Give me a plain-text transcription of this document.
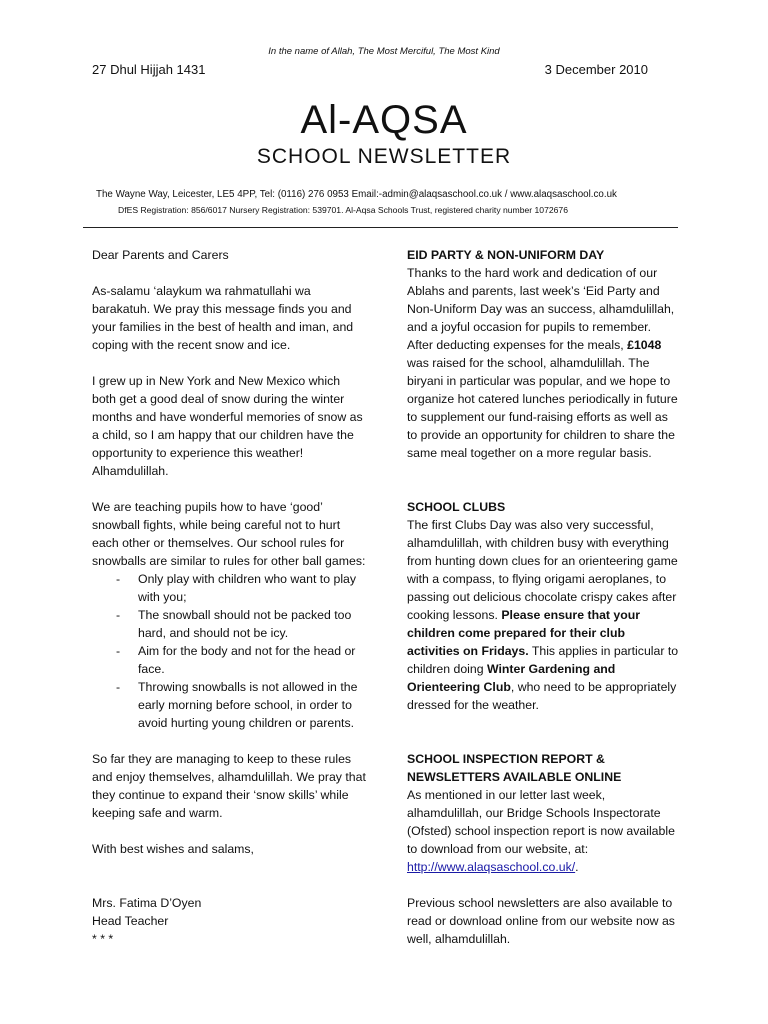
In the name of Allah, The Most Merciful, The Most Kind
27 Dhul Hijjah 1431	3 December 2010
Al-AQSA
SCHOOL NEWSLETTER
The Wayne Way, Leicester, LE5 4PP, Tel: (0116) 276 0953 Email:-admin@alaqsaschool.co.uk / www.alaqsaschool.co.uk
DfES Registration: 856/6017 Nursery Registration: 539701. Al-Aqsa Schools Trust, registered charity number 1072676

Dear Parents and Carers

As-salamu ‘alaykum wa rahmatullahi wa barakatuh. We pray this message finds you and your families in the best of health and iman, and coping with the recent snow and ice.

I grew up in New York and New Mexico which both get a good deal of snow during the winter months and have wonderful memories of snow as a child, so I am happy that our children have the opportunity to experience this weather! Alhamdulillah.

We are teaching pupils how to have ‘good’ snowball fights, while being careful not to hurt each other or themselves. Our school rules for snowballs are similar to rules for other ball games:

- Only play with children who want to play with you;
- The snowball should not be packed too hard, and should not be icy.
- Aim for the body and not for the head or face.
- Throwing snowballs is not allowed in the early morning before school, in order to avoid hurting young children or parents.

So far they are managing to keep to these rules and enjoy themselves, alhamdulillah. We pray that they continue to expand their ‘snow skills’ while keeping safe and warm.

With best wishes and salams,

Mrs. Fatima D’Oyen

Head Teacher

* * *

EID PARTY & NON-UNIFORM DAY

Thanks to the hard work and dedication of our Ablahs and parents, last week’s ‘Eid Party and Non-Uniform Day was an success, alhamdulillah, and a joyful occasion for pupils to remember. After deducting expenses for the meals, £1048 was raised for the school, alhamdulillah. The biryani in particular was popular, and we hope to organize hot catered lunches periodically in future to supplement our fund-raising efforts as well as to provide an opportunity for children to share the same meal together on a more regular basis.

SCHOOL CLUBS

The first Clubs Day was also very successful, alhamdulillah, with children busy with everything from hunting down clues for an orienteering game with a compass, to flying origami aeroplanes, to passing out delicious chocolate crispy cakes after cooking lessons. Please ensure that your children come prepared for their club activities on Fridays. This applies in particular to children doing Winter Gardening and Orienteering Club, who need to be appropriately dressed for the weather.

SCHOOL INSPECTION REPORT & NEWSLETTERS AVAILABLE ONLINE

As mentioned in our letter last week, alhamdulillah, our Bridge Schools Inspectorate (Ofsted) school inspection report is now available to download from our website, at: http://www.alaqsaschool.co.uk/.

Previous school newsletters are also available to read or download online from our website now as well, alhamdulillah.
